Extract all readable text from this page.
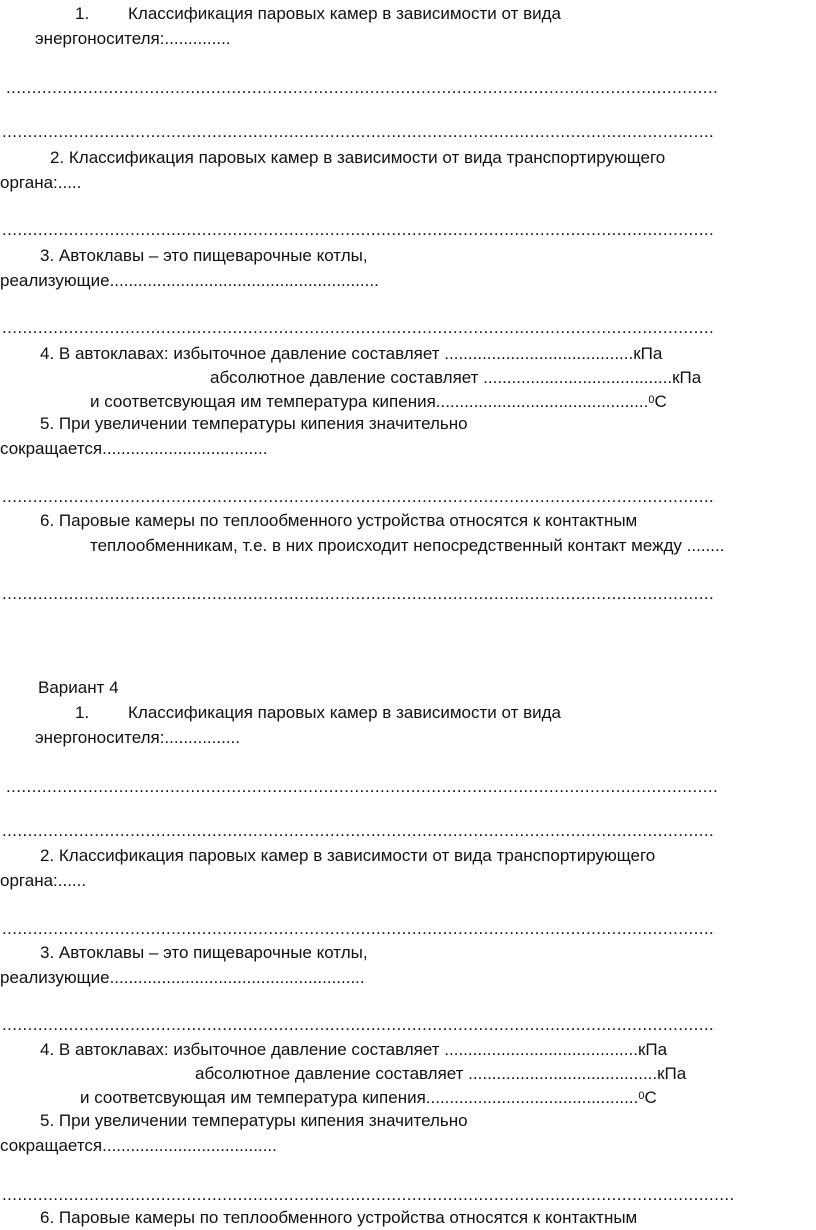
1. Классификация паровых камер в зависимости от вида
энергоносителя:..............
...........................................................................................................................................
...........................................................................................................................................
2. Классификация паровых камер в зависимости от вида транспортирующего
органа:.....
...........................................................................................................................................
3. Автоклавы – это пищеварочные котлы,
реализующие.........................................................
...........................................................................................................................................
4. В автоклавах: избыточное давление составляет ........................................кПа
абсолютное давление составляет ........................................кПа
и соответсвующая им температура кипения.............................................$^0$С
5. При увеличении температуры кипения значительно
сокращается...................................
...........................................................................................................................................
6. Паровые камеры по теплообменного устройства относятся к контактным
теплообменникам, т.е. в них происходит непосредственный контакт между ........
...........................................................................................................................................
Вариант 4
1. Классификация паровых камер в зависимости от вида
энергоносителя:................
...........................................................................................................................................
...........................................................................................................................................
2. Классификация паровых камер в зависимости от вида транспортирующего
органа:......
...........................................................................................................................................
3. Автоклавы – это пищеварочные котлы,
реализующие......................................................
...........................................................................................................................................
4. В автоклавах: избыточное давление составляет .........................................кПа
абсолютное давление составляет ........................................кПа
и соответсвующая им температура кипения.............................................$^0$С
5. При увеличении температуры кипения значительно
сокращается.....................................
...............................................................................................................................................
6. Паровые камеры по теплообменного устройства относятся к контактным
